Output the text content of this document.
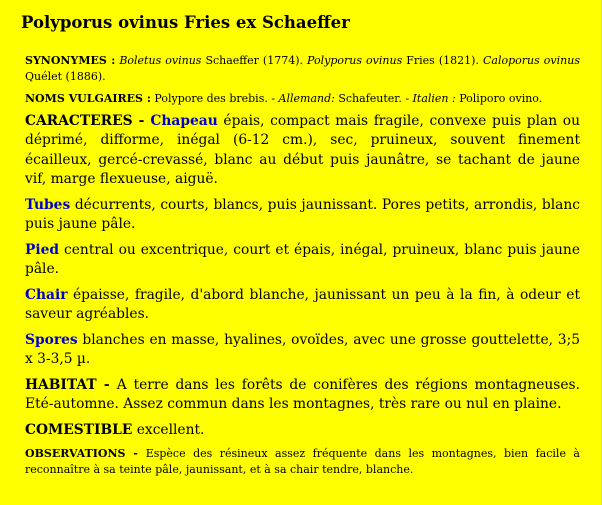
Polyporus ovinus Fries ex Schaeffer

SYNONYMES : Boletus ovinus Schaeffer (1774). Polyporus ovinus Fries (1821). Caloporus ovinus Quélet (1886).

NOMS VULGAIRES : Polypore des brebis. - Allemand: Schafeuter. - Italien : Poliporo ovino.

CARACTERES - Chapeau épais, compact mais fragile, convexe puis plan ou déprimé, difforme, inégal (6-12 cm.), sec, pruineux, souvent finement écailleux, gercé-crevassé, blanc au début puis jaunâtre, se tachant de jaune vif, marge flexueuse, aiguë.

Tubes décurrents, courts, blancs, puis jaunissant. Pores petits, arrondis, blanc puis jaune pâle.

Pied central ou excentrique, court et épais, inégal, pruineux, blanc puis jaune pâle.

Chair épaisse, fragile, d'abord blanche, jaunissant un peu à la fin, à odeur et saveur agréables.

Spores blanches en masse, hyalines, ovoïdes, avec une grosse gouttelette, 3;5 x 3-3,5 µ.

HABITAT - A terre dans les forêts de conifères des régions montagneuses. Eté-automne. Assez commun dans les montagnes, très rare ou nul en plaine.

COMESTIBLE excellent.

OBSERVATIONS - Espèce des résineux assez fréquente dans les montagnes, bien facile à reconnaître à sa teinte pâle, jaunissant, et à sa chair tendre, blanche.
